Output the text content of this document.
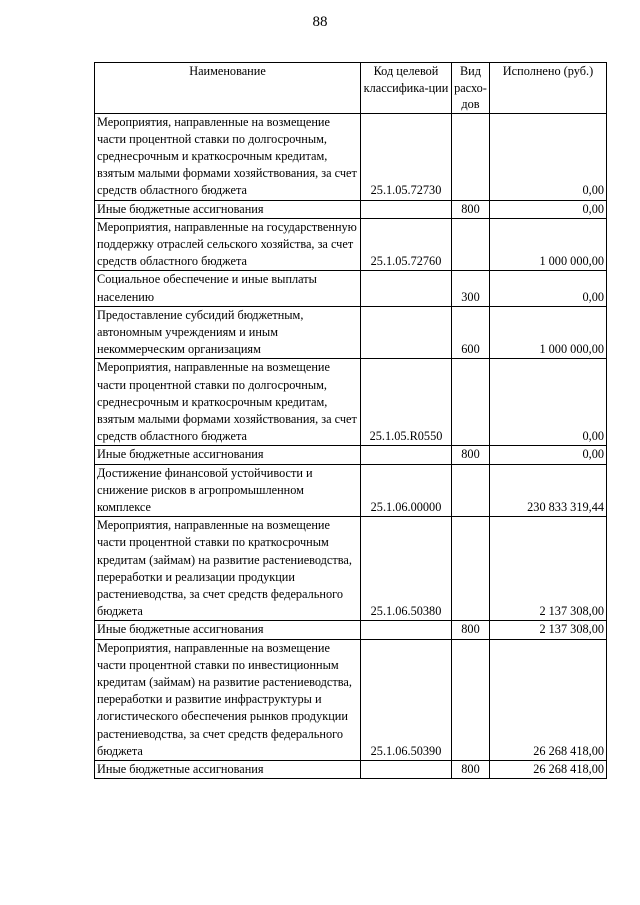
88
Наименование	Код целевой классифика-ции	Вид расхо-дов	Исполнено (руб.)
Мероприятия, направленные на возмещение части процентной ставки по долгосрочным, среднесрочным и краткосрочным кредитам, взятым малыми формами хозяйствования, за счет средств областного бюджета	25.1.05.72730		0,00
Иные бюджетные ассигнования		800	0,00
Мероприятия, направленные на государственную поддержку отраслей сельского хозяйства, за счет средств областного бюджета	25.1.05.72760		1 000 000,00
Социальное обеспечение и иные выплаты населению		300	0,00
Предоставление субсидий бюджетным, автономным учреждениям и иным некоммерческим организациям		600	1 000 000,00
Мероприятия, направленные на возмещение части процентной ставки по долгосрочным, среднесрочным и краткосрочным кредитам, взятым малыми формами хозяйствования, за счет средств областного бюджета	25.1.05.R0550		0,00
Иные бюджетные ассигнования		800	0,00
Достижение финансовой устойчивости и снижение рисков в агропромышленном комплексе	25.1.06.00000		230 833 319,44
Мероприятия, направленные на возмещение части процентной ставки по краткосрочным кредитам (займам) на развитие растениеводства, переработки и реализации продукции растениеводства, за счет средств федерального бюджета	25.1.06.50380		2 137 308,00
Иные бюджетные ассигнования		800	2 137 308,00
Мероприятия, направленные на возмещение части процентной ставки по инвестиционным кредитам (займам) на развитие растениеводства, переработки и развитие инфраструктуры и логистического обеспечения рынков продукции растениеводства, за счет средств федерального бюджета	25.1.06.50390		26 268 418,00
Иные бюджетные ассигнования		800	26 268 418,00
